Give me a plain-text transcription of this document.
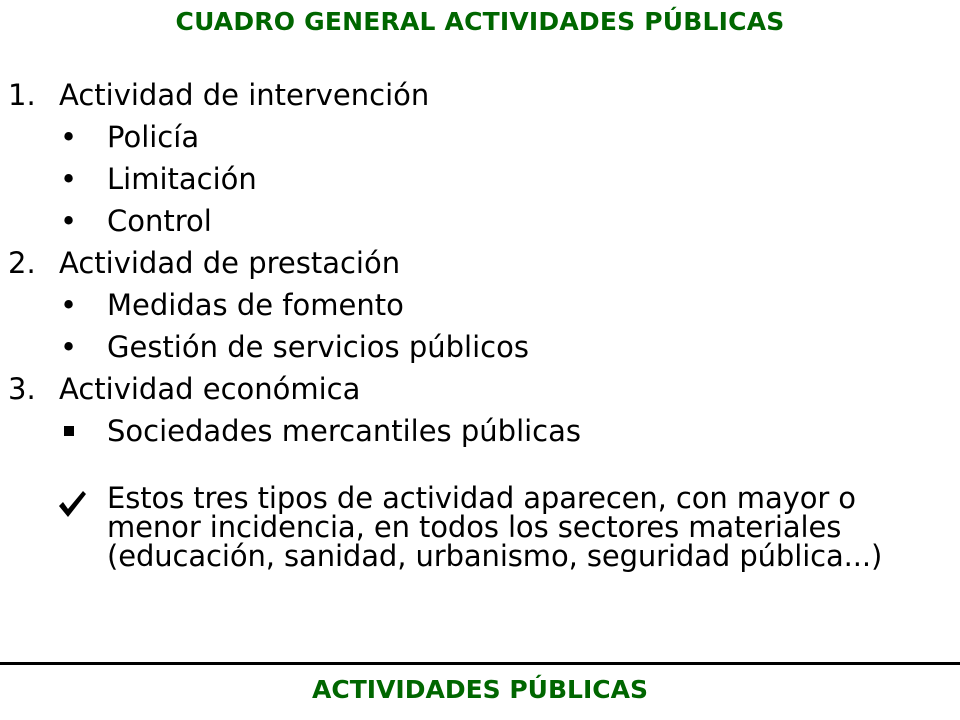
CUADRO GENERAL ACTIVIDADES PÚBLICAS
1. Actividad de intervención
• Policía
• Limitación
• Control
2. Actividad de prestación
• Medidas de fomento
• Gestión de servicios públicos
3. Actividad económica
Sociedades mercantiles públicas
Estos tres tipos de actividad aparecen, con mayor o menor incidencia, en todos los sectores materiales (educación, sanidad, urbanismo, seguridad pública...)
ACTIVIDADES PÚBLICAS
